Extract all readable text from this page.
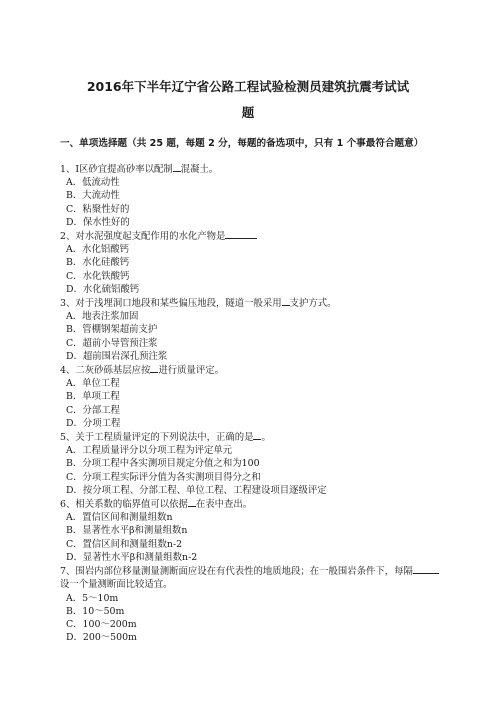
2016年下半年辽宁省公路工程试验检测员建筑抗震考试试
题
一、单项选择题（共 25 题，每题 2 分，每题的备选项中，只有 1 个事最符合题意）
1、I区砂宜提高砂率以配制 混凝土。
A．低流动性
B．大流动性
C．粘聚性好的
D．保水性好的
2、对水泥强度起支配作用的水化产物是
A．水化铝酸钙
B．水化硅酸钙
C．水化铁酸钙
D．水化硫铝酸钙
3、对于浅埋洞口地段和某些偏压地段，隧道一般采用 支护方式。
A．地表注浆加固
B．管棚钢架超前支护
C．超前小导管预注浆
D．超前围岩深孔预注浆
4、二灰砂砾基层应按 进行质量评定。
A．单位工程
B．单项工程
C．分部工程
D．分项工程
5、关于工程质量评定的下列说法中，正确的是 。
A．工程质量评分以分项工程为评定单元
B．分项工程中各实测项目规定分值之和为100
C．分项工程实际评分值为各实测项目得分之和
D．按分项工程、分部工程、单位工程、工程建设项目逐级评定
6、相关系数的临界值可以依据 在表中查出。
A．置信区间和测量组数n
B．显著性水平β和测量组数n
C．置信区间和测量组数n-2
D．显著性水平β和测量组数n-2
7、围岩内部位移量测量测断面应设在有代表性的地质地段；在一般围岩条件下，每隔设一个量测断面比较适宜。
A．5～10m
B．10～50m
C．100～200m
D．200～500m
